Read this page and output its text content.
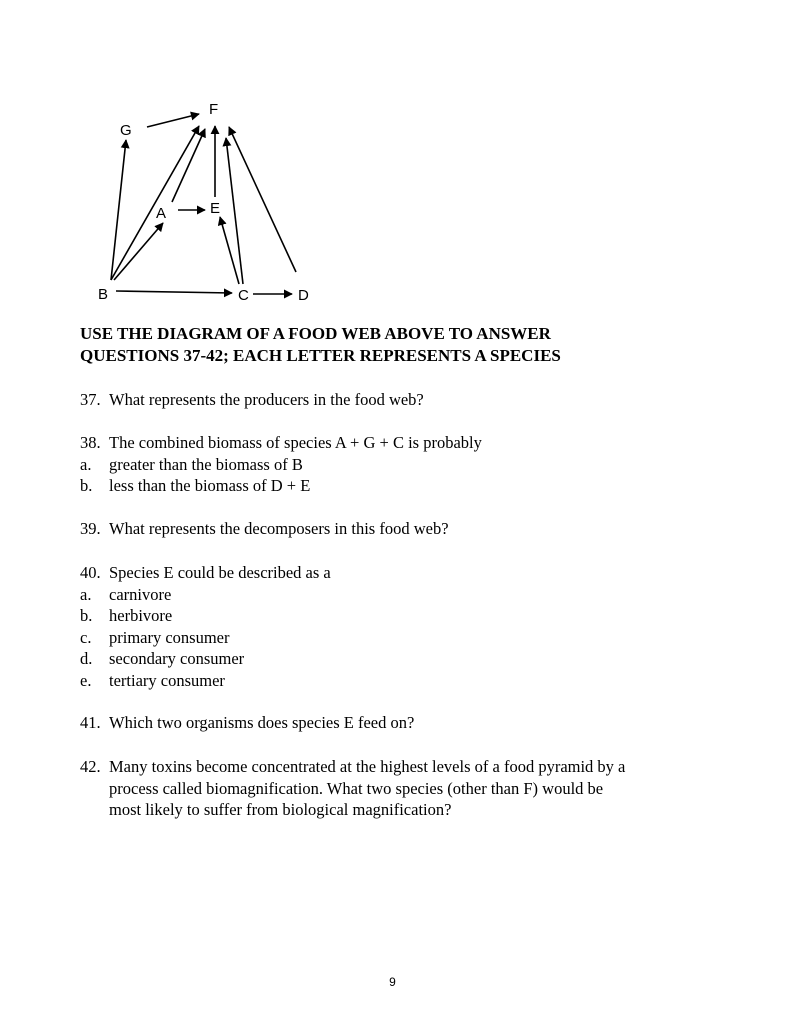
F
G
A	E
B	C	D
USE THE DIAGRAM OF A FOOD WEB ABOVE TO ANSWER
QUESTIONS 37-42; EACH LETTER REPRESENTS A SPECIES
37. What represents the producers in the food web?
38. The combined biomass of species A + G + C is probably
a. greater than the biomass of B
b. less than the biomass of D + E
39. What represents the decomposers in this food web?
40. Species E could be described as a
a. carnivore
b. herbivore
c. primary consumer
d. secondary consumer
e. tertiary consumer
41. Which two organisms does species E feed on?
42. Many toxins become concentrated at the highest levels of a food pyramid by a
process called biomagnification. What two species (other than F) would be
most likely to suffer from biological magnification?
9
